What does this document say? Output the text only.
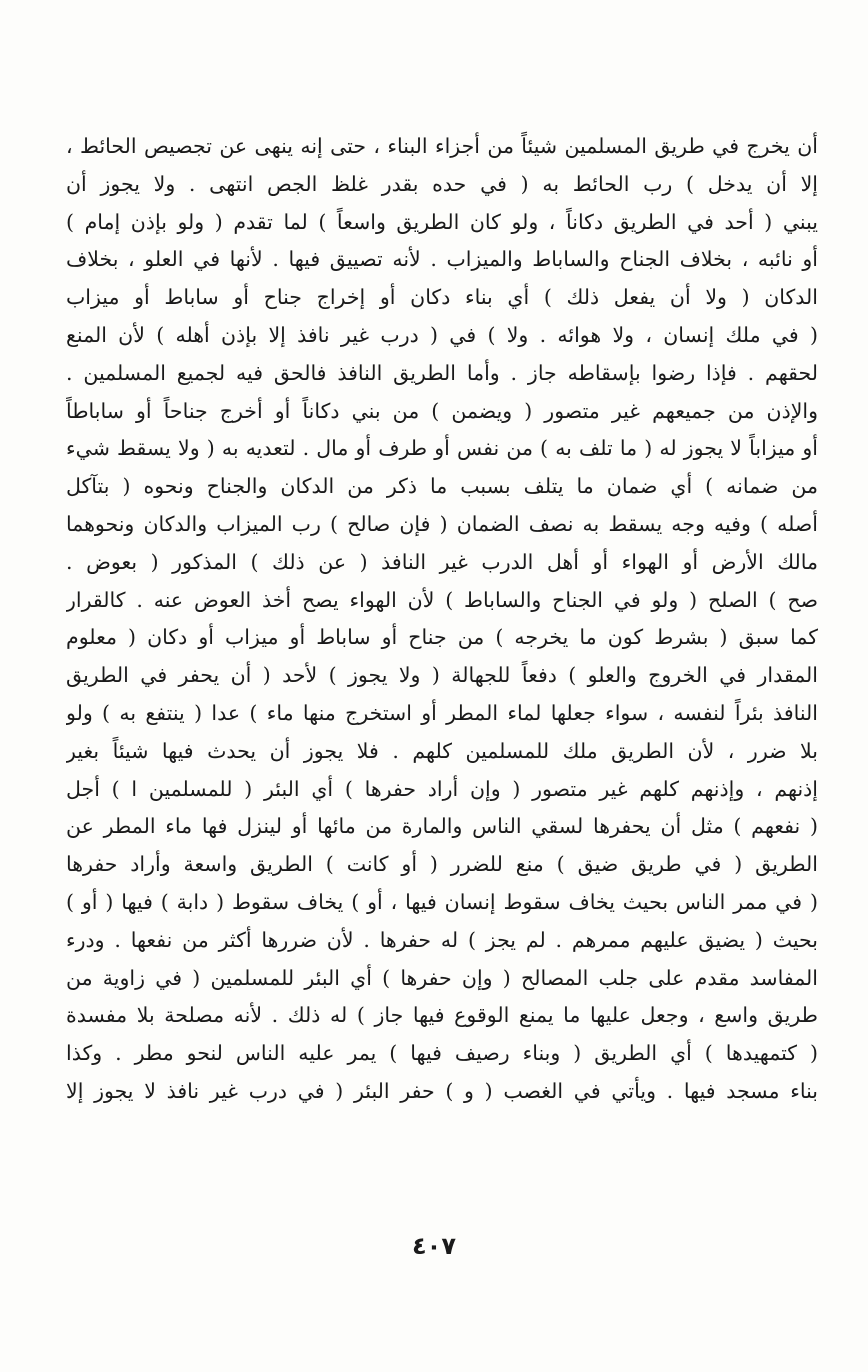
أن يخرج في طريق المسلمين شيئاً من أجزاء البناء ، حتى إنه ينهى عن تجصيص الحائط ،
إلا أن يدخل ) رب الحائط به ( في حده بقدر غلظ الجص انتهى . ولا يجوز أن
يبني ( أحد في الطريق دكاناً ، ولو كان الطريق واسعاً ) لما تقدم ( ولو بإذن إمام )
أو نائبه ، بخلاف الجناح والساباط والميزاب . لأنه تصييق فيها . لأنها في العلو ، بخلاف
الدكان ( ولا أن يفعل ذلك ) أي بناء دكان أو إخراج جناح أو ساباط أو ميزاب
( في ملك إنسان ، ولا هوائه . ولا ) في ( درب غير نافذ إلا بإذن أهله ) لأن المنع
لحقهم . فإذا رضوا بإسقاطه جاز . وأما الطريق النافذ فالحق فيه لجميع المسلمين .
والإذن من جميعهم غير متصور ( ويضمن ) من بني دكاناً أو أخرج جناحاً أو ساباطاً
أو ميزاباً لا يجوز له ( ما تلف به ) من نفس أو طرف أو مال . لتعديه به ( ولا يسقط شيء
من ضمانه ) أي ضمان ما يتلف بسبب ما ذكر من الدكان والجناح ونحوه ( بتآكل
أصله ) وفيه وجه يسقط به نصف الضمان ( فإن صالح ) رب الميزاب والدكان ونحوهما
مالك الأرض أو الهواء أو أهل الدرب غير النافذ ( عن ذلك ) المذكور ( بعوض .
صح ) الصلح ( ولو في الجناح والساباط ) لأن الهواء يصح أخذ العوض عنه . كالقرار
كما سبق ( بشرط كون ما يخرجه ) من جناح أو ساباط أو ميزاب أو دكان ( معلوم
المقدار في الخروج والعلو ) دفعاً للجهالة ( ولا يجوز ) لأحد ( أن يحفر في الطريق
النافذ بئراً لنفسه ، سواء جعلها لماء المطر أو استخرج منها ماء ) عدا ( ينتفع به ) ولو
بلا ضرر ، لأن الطريق ملك للمسلمين كلهم . فلا يجوز أن يحدث فيها شيئاً بغير
إذنهم ، وإذنهم كلهم غير متصور ( وإن أراد حفرها ) أي البئر ( للمسلمين ا ) أجل
( نفعهم ) مثل أن يحفرها لسقي الناس والمارة من مائها أو لينزل فها ماء المطر عن
الطريق ( في طريق ضيق ) منع للضرر ( أو كانت ) الطريق واسعة وأراد حفرها
( في ممر الناس بحيث يخاف سقوط إنسان فيها ، أو ) يخاف سقوط ( دابة ) فيها ( أو )
بحيث ( يضيق عليهم ممرهم . لم يجز ) له حفرها . لأن ضررها أكثر من نفعها . ودرء
المفاسد مقدم على جلب المصالح ( وإن حفرها ) أي البئر للمسلمين ( في زاوية من
طريق واسع ، وجعل عليها ما يمنع الوقوع فيها جاز ) له ذلك . لأنه مصلحة بلا مفسدة
( كتمهيدها ) أي الطريق ( وبناء رصيف فيها ) يمر عليه الناس لنحو مطر . وكذا
بناء مسجد فيها . ويأتي في الغصب ( و ) حفر البئر ( في درب غير نافذ لا يجوز إلا
٤٠٧
